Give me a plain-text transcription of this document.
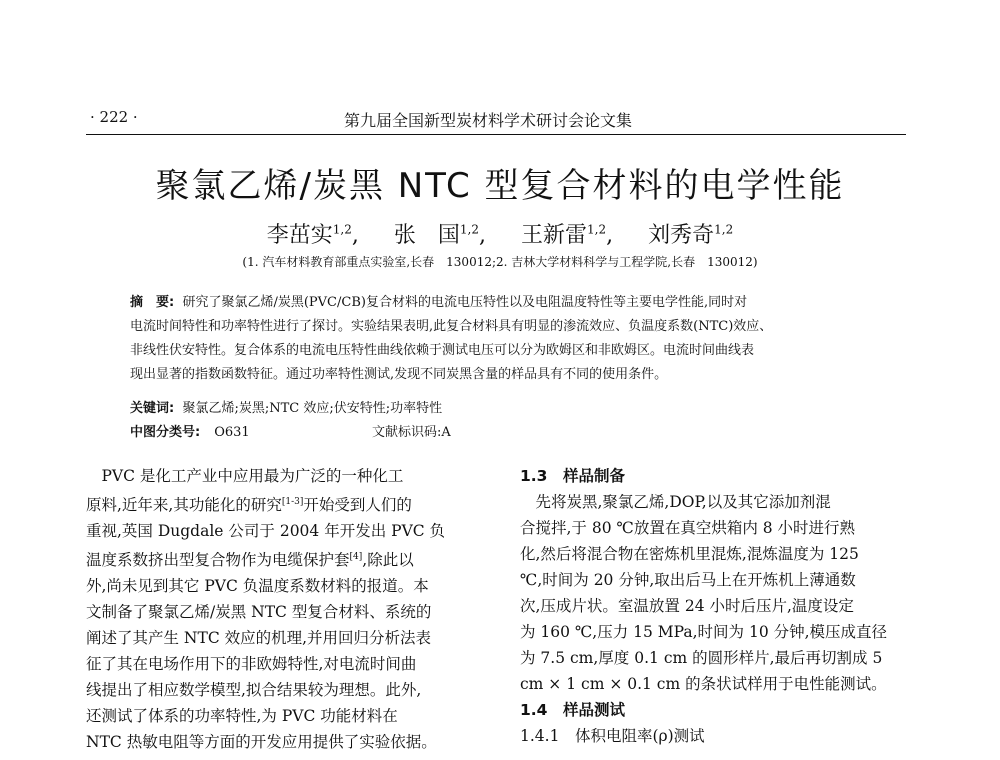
· 222 ·	第九届全国新型炭材料学术研讨会论文集
聚氯乙烯/炭黑 NTC 型复合材料的电学性能
李茁实$^{1,2}$, 张　国$^{1,2}$, 王新雷$^{1,2}$, 刘秀奇$^{1,2}$
(1. 汽车材料教育部重点实验室,长春　130012;2. 吉林大学材料科学与工程学院,长春　130012)

摘　要: 研究了聚氯乙烯/炭黑(PVC/CB)复合材料的电流电压特性以及电阻温度特性等主要电学性能,同时对

电流时间特性和功率特性进行了探讨。实验结果表明,此复合材料具有明显的渗流效应、负温度系数(NTC)效应、

非线性伏安特性。复合体系的电流电压特性曲线依赖于测试电压可以分为欧姆区和非欧姆区。电流时间曲线表

现出显著的指数函数特征。通过功率特性测试,发现不同炭黑含量的样品具有不同的使用条件。

关键词: 聚氯乙烯;炭黑;NTC 效应;伏安特性;功率特性
中图分类号: O631	文献标识码:A

　PVC 是化工产业中应用最为广泛的一种化工

原料,近年来,其功能化的研究[1-3]开始受到人们的

重视,英国 Dugdale 公司于 2004 年开发出 PVC 负

温度系数挤出型复合物作为电缆保护套[4],除此以

外,尚未见到其它 PVC 负温度系数材料的报道。本

文制备了聚氯乙烯/炭黑 NTC 型复合材料、系统的

阐述了其产生 NTC 效应的机理,并用回归分析法表

征了其在电场作用下的非欧姆特性,对电流时间曲

线提出了相应数学模型,拟合结果较为理想。此外,

还测试了体系的功率特性,为 PVC 功能材料在

NTC 热敏电阻等方面的开发应用提供了实验依据。

1.3　样品制备

　先将炭黑,聚氯乙烯,DOP,以及其它添加剂混

合搅拌,于 80 ℃放置在真空烘箱内 8 小时进行熟

化,然后将混合物在密炼机里混炼,混炼温度为 125

℃,时间为 20 分钟,取出后马上在开炼机上薄通数

次,压成片状。室温放置 24 小时后压片,温度设定

为 160 ℃,压力 15 MPa,时间为 10 分钟,模压成直径

为 7.5 cm,厚度 0.1 cm 的圆形样片,最后再切割成 5

cm × 1 cm × 0.1 cm 的条状试样用于电性能测试。

1.4　样品测试

1.4.1　体积电阻率(ρ)测试
